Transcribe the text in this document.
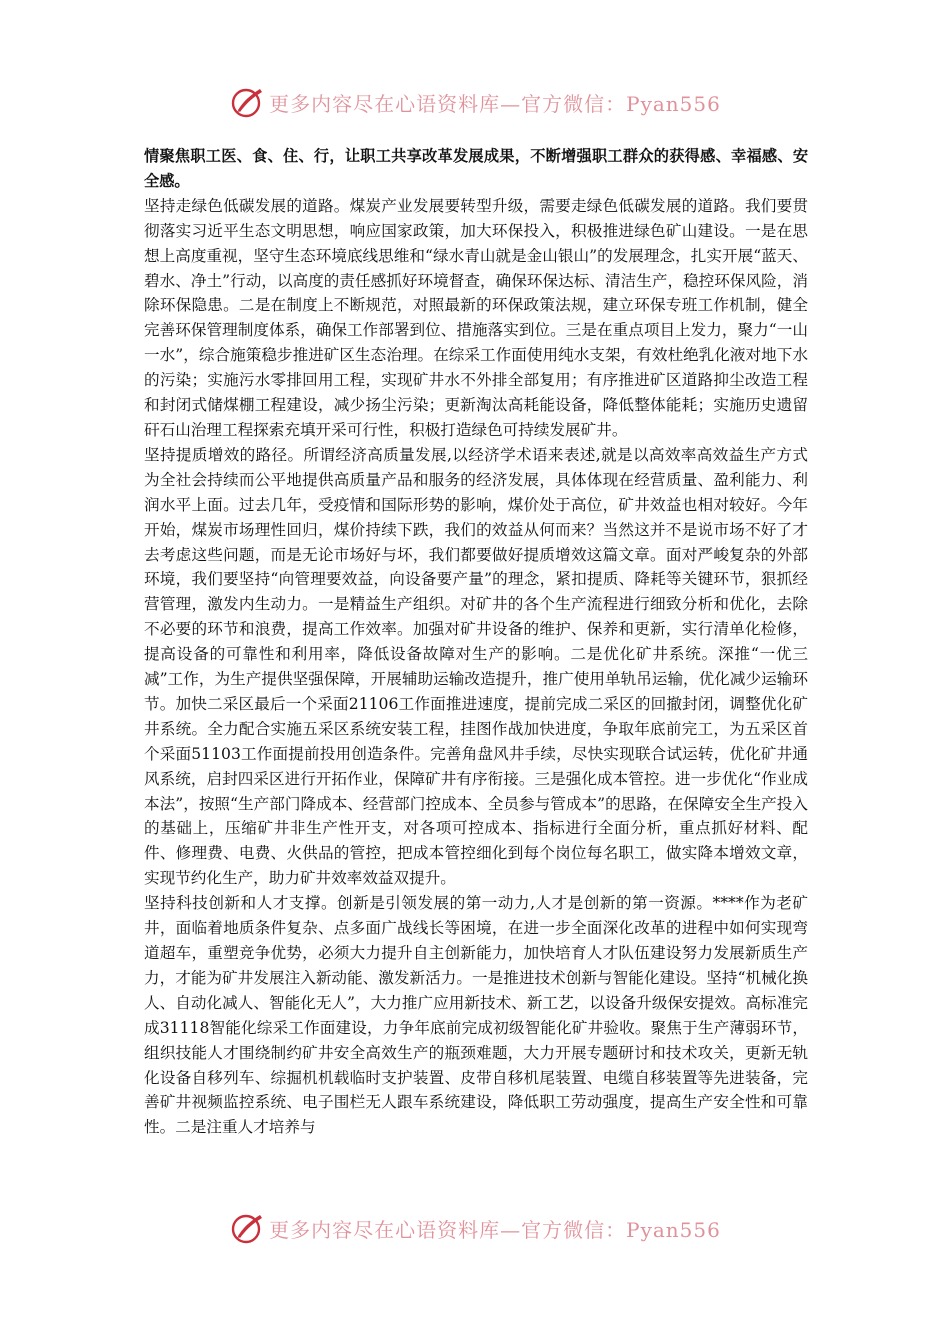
更多内容尽在心语资料库—官方微信：Pyan556

情聚焦职工医、食、住、行，让职工共享改革发展成果，不断增强职工群众的获得感、幸福感、安全感。

坚持走绿色低碳发展的道路。煤炭产业发展要转型升级，需要走绿色低碳发展的道路。我们要贯彻落实习近平生态文明思想，响应国家政策，加大环保投入，积极推进绿色矿山建设。一是在思想上高度重视，坚守生态环境底线思维和“绿水青山就是金山银山”的发展理念，扎实开展“蓝天、碧水、净土”行动，以高度的责任感抓好环境督查，确保环保达标、清洁生产，稳控环保风险，消除环保隐患。二是在制度上不断规范，对照最新的环保政策法规，建立环保专班工作机制，健全完善环保管理制度体系，确保工作部署到位、措施落实到位。三是在重点项目上发力，聚力“一山一水”，综合施策稳步推进矿区生态治理。在综采工作面使用纯水支架，有效杜绝乳化液对地下水的污染；实施污水零排回用工程，实现矿井水不外排全部复用；有序推进矿区道路抑尘改造工程和封闭式储煤棚工程建设，减少扬尘污染；更新淘汰高耗能设备，降低整体能耗；实施历史遗留矸石山治理工程探索充填开采可行性，积极打造绿色可持续发展矿井。

坚持提质增效的路径。所谓经济高质量发展,以经济学术语来表述,就是以高效率高效益生产方式为全社会持续而公平地提供高质量产品和服务的经济发展，具体体现在经营质量、盈利能力、利润水平上面。过去几年，受疫情和国际形势的影响，煤价处于高位，矿井效益也相对较好。今年开始，煤炭市场理性回归，煤价持续下跌，我们的效益从何而来？当然这并不是说市场不好了才去考虑这些问题，而是无论市场好与坏，我们都要做好提质增效这篇文章。面对严峻复杂的外部环境，我们要坚持“向管理要效益，向设备要产量”的理念，紧扣提质、降耗等关键环节，狠抓经营管理，激发内生动力。一是精益生产组织。对矿井的各个生产流程进行细致分析和优化，去除不必要的环节和浪费，提高工作效率。加强对矿井设备的维护、保养和更新，实行清单化检修，提高设备的可靠性和利用率，降低设备故障对生产的影响。二是优化矿井系统。深推“一优三减”工作，为生产提供坚强保障，开展辅助运输改造提升，推广使用单轨吊运输，优化减少运输环节。加快二采区最后一个采面21106工作面推进速度，提前完成二采区的回撤封闭，调整优化矿井系统。全力配合实施五采区系统安装工程，挂图作战加快进度，争取年底前完工，为五采区首个采面51103工作面提前投用创造条件。完善角盘风井手续，尽快实现联合试运转，优化矿井通风系统，启封四采区进行开拓作业，保障矿井有序衔接。三是强化成本管控。进一步优化“作业成本法”，按照“生产部门降成本、经营部门控成本、全员参与管成本”的思路，在保障安全生产投入的基础上，压缩矿井非生产性开支，对各项可控成本、指标进行全面分析，重点抓好材料、配件、修理费、电费、火供品的管控，把成本管控细化到每个岗位每名职工，做实降本增效文章，实现节约化生产，助力矿井效率效益双提升。

坚持科技创新和人才支撑。创新是引领发展的第一动力,人才是创新的第一资源。****作为老矿井，面临着地质条件复杂、点多面广战线长等困境，在进一步全面深化改革的进程中如何实现弯道超车，重塑竞争优势，必须大力提升自主创新能力，加快培育人才队伍建设努力发展新质生产力，才能为矿井发展注入新动能、激发新活力。一是推进技术创新与智能化建设。坚持“机械化换人、自动化减人、智能化无人”，大力推广应用新技术、新工艺，以设备升级保安提效。高标准完成31118智能化综采工作面建设，力争年底前完成初级智能化矿井验收。聚焦于生产薄弱环节，组织技能人才围绕制约矿井安全高效生产的瓶颈难题，大力开展专题研讨和技术攻关，更新无轨化设备自移列车、综掘机机载临时支护装置、皮带自移机尾装置、电缆自移装置等先进装备，完善矿井视频监控系统、电子围栏无人跟车系统建设，降低职工劳动强度，提高生产安全性和可靠性。二是注重人才培养与

更多内容尽在心语资料库—官方微信：Pyan556
